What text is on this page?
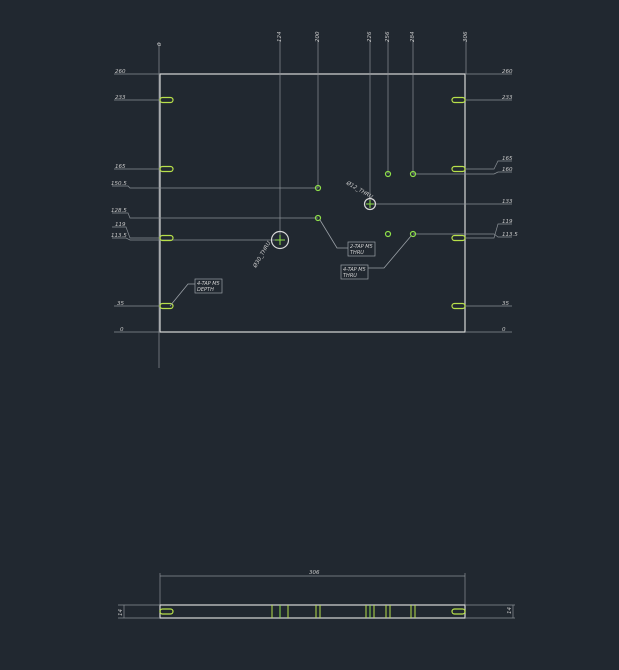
0
124	200	226 256	284	306
260
233
165
150.5
128.5
119
113.5
35
0
260
233
165
160
133
119
113.5
35
0
Ø12_THRU
Ø30_THRU
4-TAP M5
DEPTH
2-TAP M5
THRU
4-TAP M5
THRU
306
14	14
